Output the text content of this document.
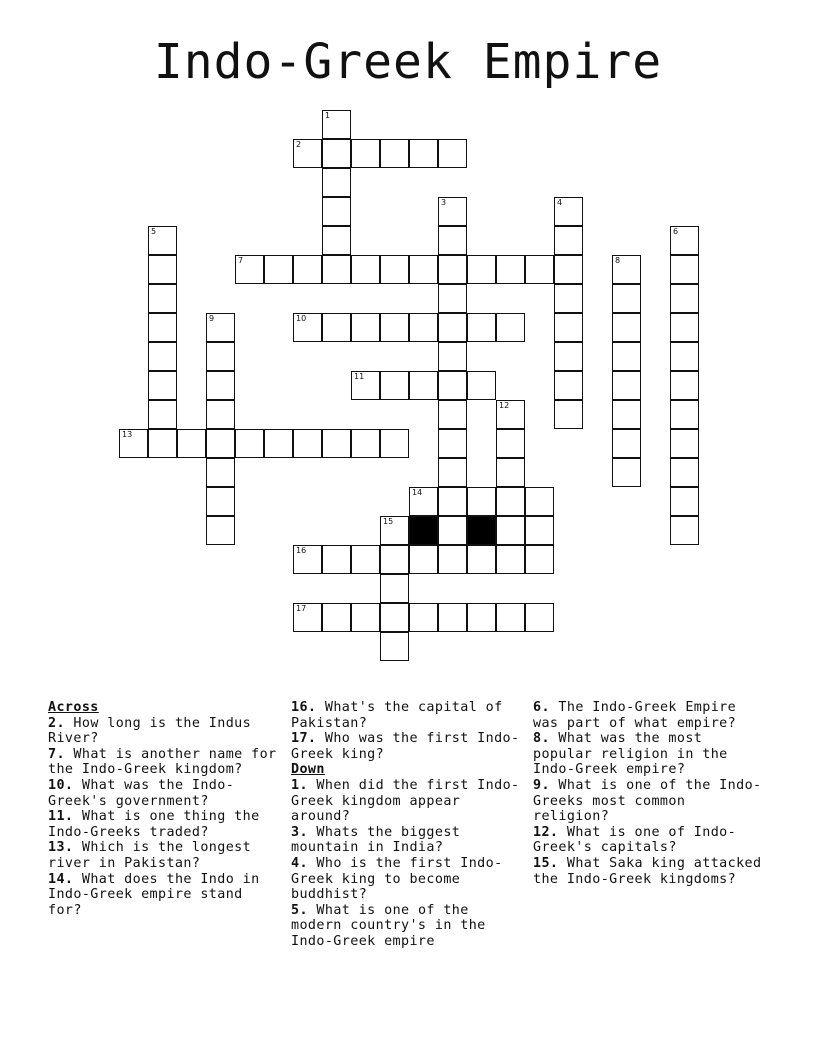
Indo-Greek Empire
1
2
3	4
5	6
7	8
9	10
11
12
13
14
15
16
17
Across

2. How long is the Indus River?

7. What is another name for the Indo-Greek kingdom?

10. What was the Indo-Greek's government?

11. What is one thing the Indo-Greeks traded?

13. Which is the longest river in Pakistan?

14. What does the Indo in Indo-Greek empire stand for?

16. What's the capital of Pakistan?

17. Who was the first Indo-Greek king?

Down

1. When did the first Indo-Greek kingdom appear around?

3. Whats the biggest mountain in India?

4. Who is the first Indo-Greek king to become buddhist?

5. What is one of the modern country's in the Indo-Greek empire

6. The Indo-Greek Empire was part of what empire?

8. What was the most popular religion in the Indo-Greek empire?

9. What is one of the Indo-Greeks most common religion?

12. What is one of Indo-Greek's capitals?

15. What Saka king attacked the Indo-Greek kingdoms?
